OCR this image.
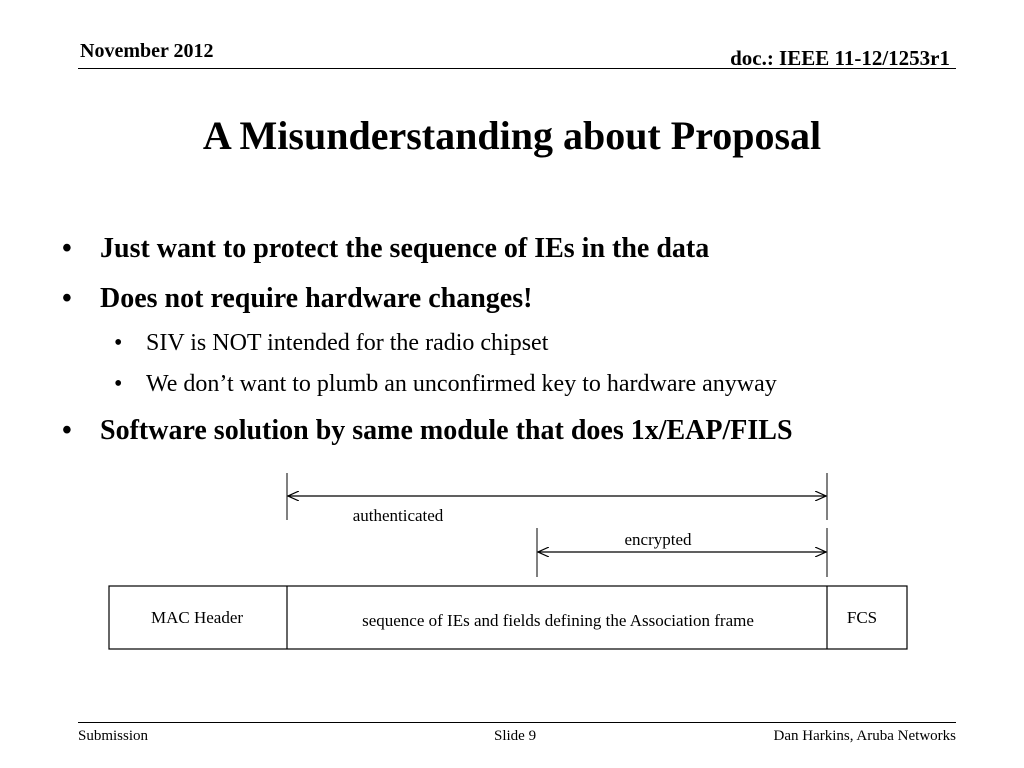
November 2012	doc.: IEEE 11-12/1253r1
A Misunderstanding about Proposal
• Just want to protect the sequence of IEs in the data
• Does not require hardware changes!
• SIV is NOT intended for the radio chipset
• We don’t want to plumb an unconfirmed key to hardware anyway
• Software solution by same module that does 1x/EAP/FILS
authenticated
encrypted
MAC Header	sequence of IEs and fields defining the Association frame	FCS
Submission	Slide 9	Dan Harkins, Aruba Networks
